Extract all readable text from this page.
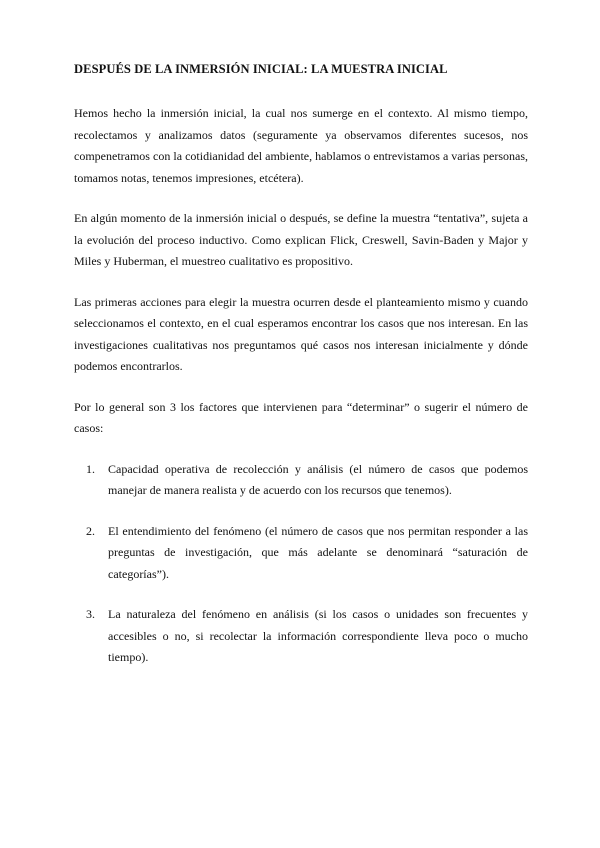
DESPUÉS DE LA INMERSIÓN INICIAL: LA MUESTRA INICIAL

Hemos hecho la inmersión inicial, la cual nos sumerge en el contexto. Al mismo tiempo, recolectamos y analizamos datos (seguramente ya observamos diferentes sucesos, nos compenetramos con la cotidianidad del ambiente, hablamos o entrevistamos a varias personas, tomamos notas, tenemos impresiones, etcétera).

En algún momento de la inmersión inicial o después, se define la muestra “tentativa”, sujeta a la evolución del proceso inductivo. Como explican Flick, Creswell, Savin-Baden y Major y Miles y Huberman, el muestreo cualitativo es propositivo.

Las primeras acciones para elegir la muestra ocurren desde el planteamiento mismo y cuando seleccionamos el contexto, en el cual esperamos encontrar los casos que nos interesan. En las investigaciones cualitativas nos preguntamos qué casos nos interesan inicialmente y dónde podemos encontrarlos.

Por lo general son 3 los factores que intervienen para “determinar” o sugerir el número de casos:

1. Capacidad operativa de recolección y análisis (el número de casos que podemos manejar de manera realista y de acuerdo con los recursos que tenemos).
2. El entendimiento del fenómeno (el número de casos que nos permitan responder a las preguntas de investigación, que más adelante se denominará “saturación de categorías”).
3. La naturaleza del fenómeno en análisis (si los casos o unidades son frecuentes y accesibles o no, si recolectar la información correspondiente lleva poco o mucho tiempo).
